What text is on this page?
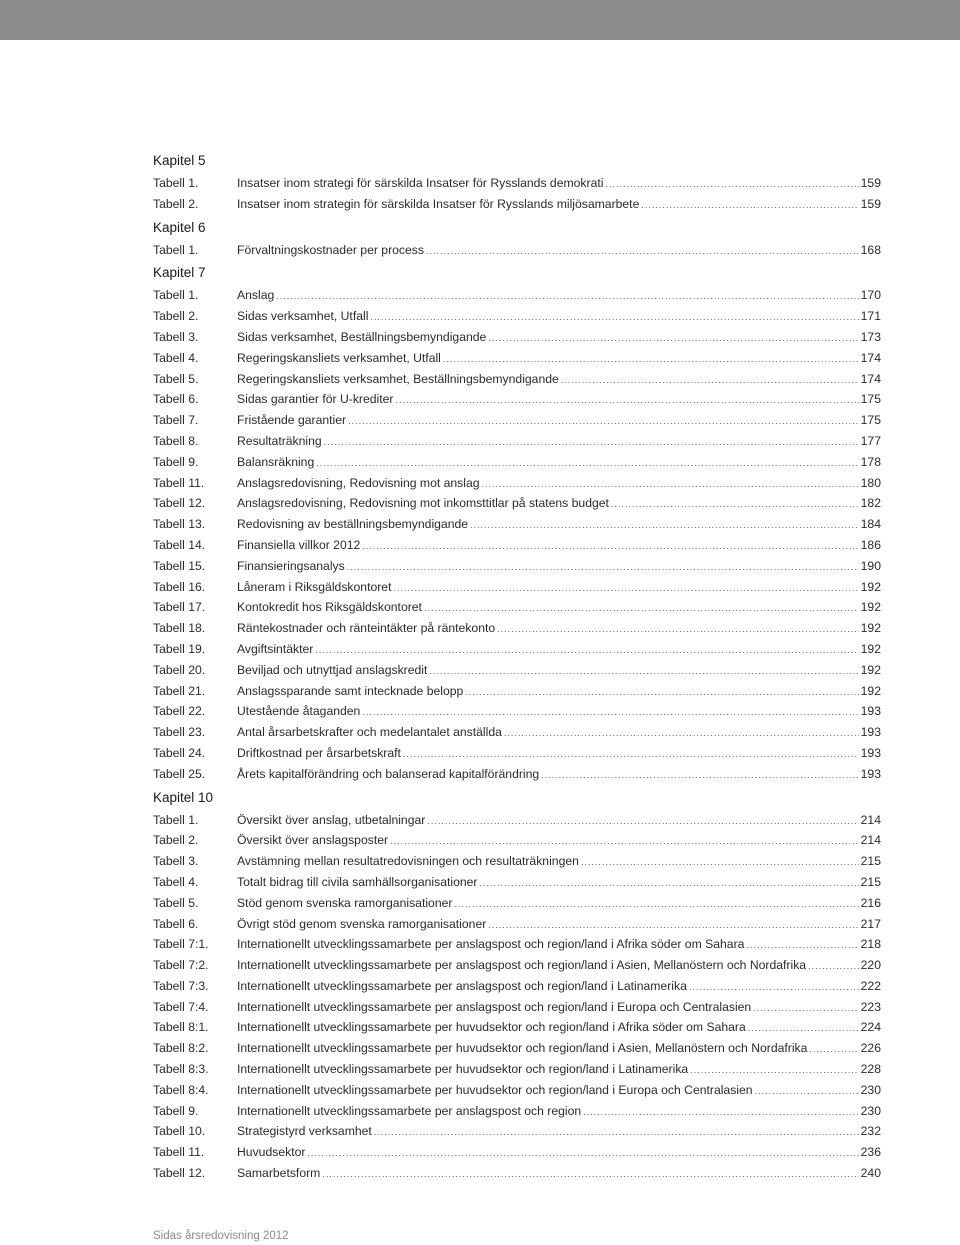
Kapitel 5
Tabell 1.	Insatser inom strategi för särskilda Insatser för Rysslands demokrati .....	159
Tabell 2.	Insatser inom strategin för särskilda Insatser för Rysslands miljösamarbete .....	159
Kapitel 6
Tabell 1.	Förvaltningskostnader per process .....	168
Kapitel 7
Tabell 1.	Anslag .....	170
Tabell 2.	Sidas verksamhet, Utfall .....	171
Tabell 3.	Sidas verksamhet, Beställningsbemyndigande .....	173
Tabell 4.	Regeringskansliets verksamhet, Utfall .....	174
Tabell 5.	Regeringskansliets verksamhet, Beställningsbemyndigande .....	174
Tabell 6.	Sidas garantier för U-krediter .....	175
Tabell 7.	Fristående garantier .....	175
Tabell 8.	Resultaträkning .....	177
Tabell 9.	Balansräkning .....	178
Tabell 11.	Anslagsredovisning, Redovisning mot anslag .....	180
Tabell 12.	Anslagsredovisning, Redovisning mot inkomsttitlar på statens budget .....	182
Tabell 13.	Redovisning av beställningsbemyndigande .....	184
Tabell 14.	Finansiella villkor 2012 .....	186
Tabell 15.	Finansieringsanalys .....	190
Tabell 16.	Låneram i Riksgäldskontoret .....	192
Tabell 17.	Kontokredit hos Riksgäldskontoret .....	192
Tabell 18.	Räntekostnader och ränteintäkter på räntekonto .....	192
Tabell 19.	Avgiftsintäkter .....	192
Tabell 20.	Beviljad och utnyttjad anslagskredit .....	192
Tabell 21.	Anslagssparande samt intecknade belopp .....	192
Tabell 22.	Utestående åtaganden .....	193
Tabell 23.	Antal årsarbetskrafter och medelantalet anställda .....	193
Tabell 24.	Driftkostnad per årsarbetskraft .....	193
Tabell 25.	Årets kapitalförändring och balanserad kapitalförändring .....	193
Kapitel 10
Tabell 1.	Översikt över anslag, utbetalningar .....	214
Tabell 2.	Översikt över anslagsposter .....	214
Tabell 3.	Avstämning mellan resultatredovisningen och resultaträkningen .....	215
Tabell 4.	Totalt bidrag till civila samhällsorganisationer .....	215
Tabell 5.	Stöd genom svenska ramorganisationer .....	216
Tabell 6.	Övrigt stöd genom svenska ramorganisationer .....	217
Tabell 7:1.	Internationellt utvecklingssamarbete per anslagspost och region/land i Afrika söder om Sahara .....	218
Tabell 7:2.	Internationellt utvecklingssamarbete per anslagspost och region/land i Asien, Mellanöstern och Nordafrika .....	220
Tabell 7:3.	Internationellt utvecklingssamarbete per anslagspost och region/land i Latinamerika .....	222
Tabell 7:4.	Internationellt utvecklingssamarbete per anslagspost och region/land i Europa och Centralasien .....	223
Tabell 8:1.	Internationellt utvecklingssamarbete per huvudsektor och region/land i Afrika söder om Sahara .....	224
Tabell 8:2.	Internationellt utvecklingssamarbete per huvudsektor och region/land i Asien, Mellanöstern och Nordafrika .....	226
Tabell 8:3.	Internationellt utvecklingssamarbete per huvudsektor och region/land i Latinamerika .....	228
Tabell 8:4.	Internationellt utvecklingssamarbete per huvudsektor och region/land i Europa och Centralasien .....	230
Tabell 9.	Internationellt utvecklingssamarbete per anslagspost och region .....	230
Tabell 10.	Strategistyrd verksamhet .....	232
Tabell 11.	Huvudsektor .....	236
Tabell 12.	Samarbetsform .....	240
Sidas årsredovisning 2012
